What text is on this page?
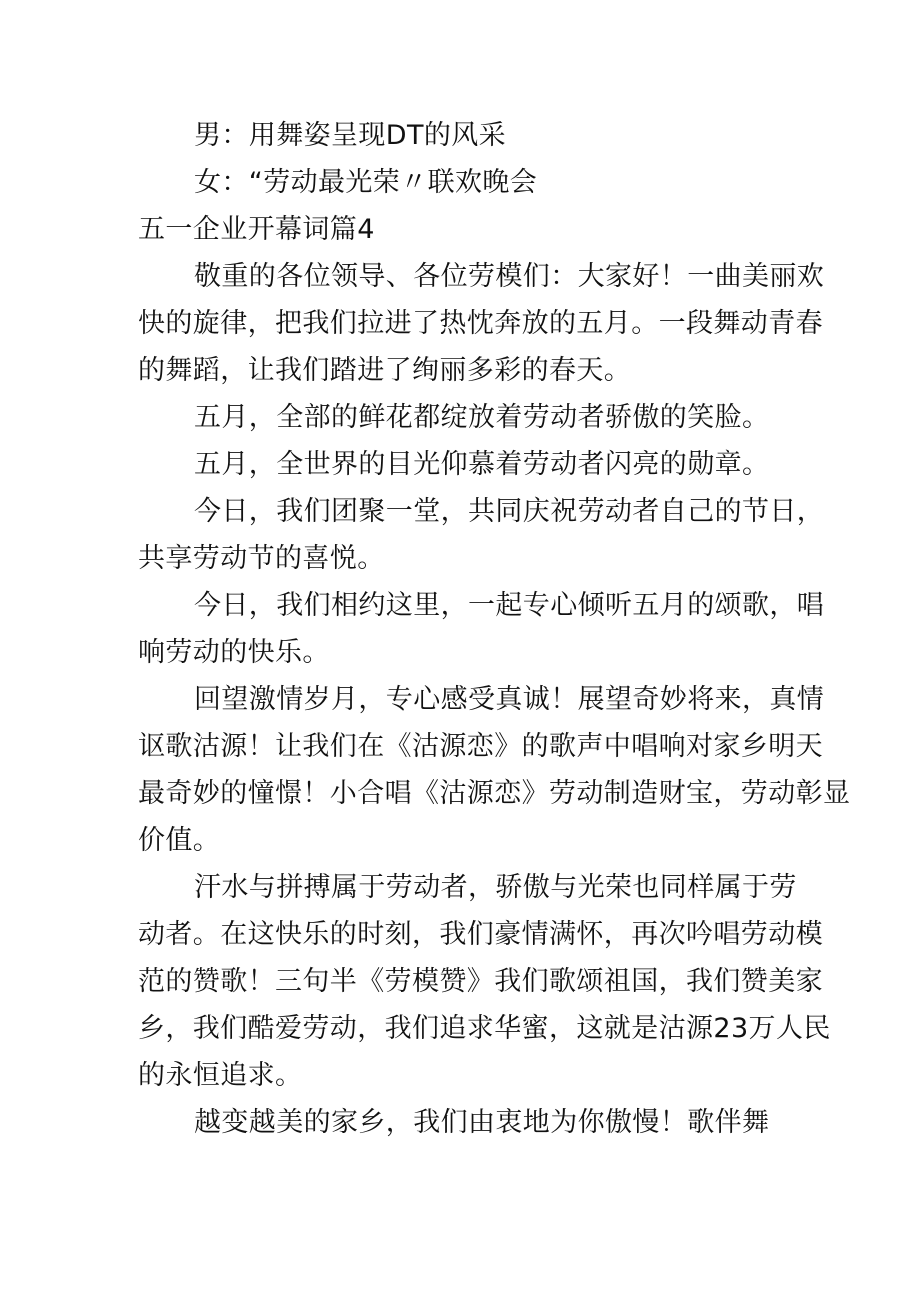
男：用舞姿呈现DT的风采

女：“劳动最光荣〃联欢晚会

五一企业开幕词篇4

敬重的各位领导、各位劳模们：大家好！一曲美丽欢

快的旋律，把我们拉进了热忱奔放的五月。一段舞动青春

的舞蹈，让我们踏进了绚丽多彩的春天。

五月，全部的鲜花都绽放着劳动者骄傲的笑脸。

五月，全世界的目光仰慕着劳动者闪亮的勋章。

今日，我们团聚一堂，共同庆祝劳动者自己的节日，

共享劳动节的喜悦。

今日，我们相约这里，一起专心倾听五月的颂歌，唱

响劳动的快乐。

回望激情岁月，专心感受真诚！展望奇妙将来，真情

讴歌沽源！让我们在《沽源恋》的歌声中唱响对家乡明天

最奇妙的憧憬！小合唱《沽源恋》劳动制造财宝，劳动彰显

价值。

汗水与拼搏属于劳动者，骄傲与光荣也同样属于劳

动者。在这快乐的时刻，我们豪情满怀，再次吟唱劳动模

范的赞歌！三句半《劳模赞》我们歌颂祖国，我们赞美家

乡，我们酷爱劳动，我们追求华蜜，这就是沽源23万人民

的永恒追求。

越变越美的家乡，我们由衷地为你傲慢！歌伴舞
